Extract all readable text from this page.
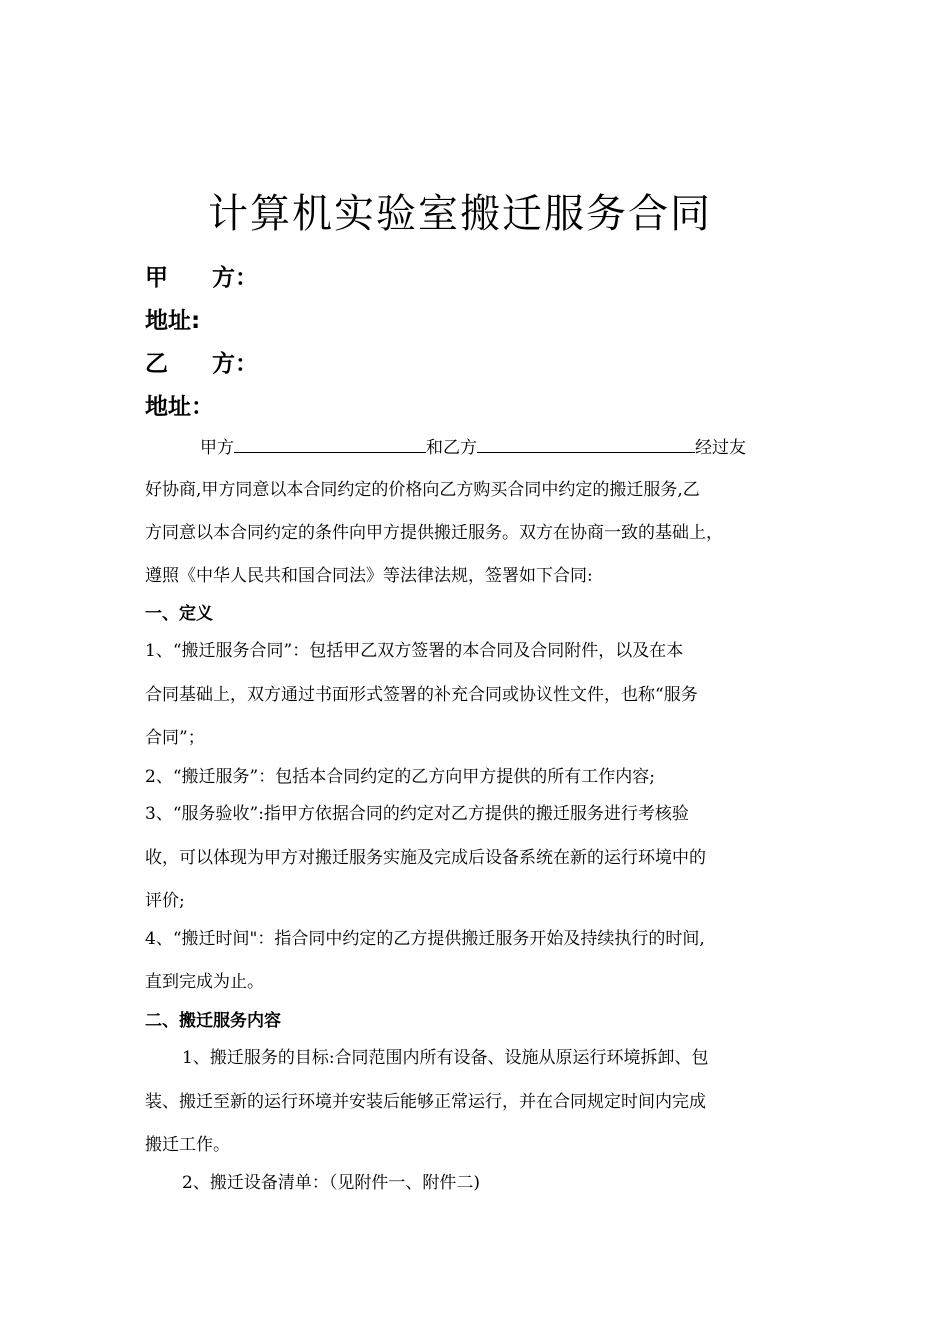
计算机实验室搬迁服务合同
甲 方：
地址:
乙 方：
地址：
甲方	和乙方	经过友
好协商,甲方同意以本合同约定的价格向乙方购买合同中约定的搬迁服务,乙
方同意以本合同约定的条件向甲方提供搬迁服务。双方在协商一致的基础上，
遵照《中华人民共和国合同法》等法律法规，签署如下合同:
一、定义
1、“搬迁服务合同”：包括甲乙双方签署的本合同及合同附件，以及在本
合同基础上，双方通过书面形式签署的补充合同或协议性文件，也称“服务
合同”；
2、“搬迁服务”：包括本合同约定的乙方向甲方提供的所有工作内容;
3、“服务验收”:指甲方依据合同的约定对乙方提供的搬迁服务进行考核验
收，可以体现为甲方对搬迁服务实施及完成后设备系统在新的运行环境中的
评价;
4、“搬迁时间"：指合同中约定的乙方提供搬迁服务开始及持续执行的时间,
直到完成为止。
二、搬迁服务内容
1、搬迁服务的目标:合同范围内所有设备、设施从原运行环境拆卸、包
装、搬迁至新的运行环境并安装后能够正常运行，并在合同规定时间内完成
搬迁工作。
2、搬迁设备清单：（见附件一、附件二)
